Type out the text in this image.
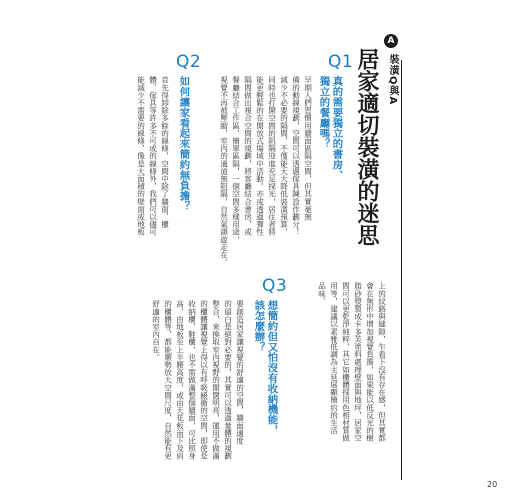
A
裝潢Q與A
居家適切裝潢的迷思
Q1
真的需要獨立的書房、
獨立的餐廳嗎？
早期人們習慣用牆面區隔空間，但其實毫無
備的動線規劃，空間可以透過傢具陳設作劃分！
減少不必要的隔間，不僅能大大降低裝潢預算，
同時也打開空間的阻隔迎進充足採光，居住者將
能更輕鬆的在開放式場域中活動。亦或透過彈性
隔間做出複合空間的規劃，將客廳結合書房，或
餐廳結合工作區，簡單區隔，一個空間多樣用途，
視覺不再被壓縮，室內的通道無阻隔，自然氣韻遊走在。
Q2
如何讓家看起來簡約無負擔？
首先得卸除多餘的線條，空間中除了牆面、櫃
體、傢具等許多不可或的線條外，我們可以儘可
能減少不需要的線條，像是大面積的壁面或地板
上的紋路與縫隙，乍看下沒有存在感，但其實都
會在無形中增加視覺負擔，如果能以低反光的樹
脂砂漿製成卡多芙塗料處理壁面與地坪，居家空
間可以更乾淨純粹，其它如櫃體採用色相材質做
用等，建議以素雅低調為主延展顯簡約的生活
品味。
Q3
想簡約但又怕沒有收納機能，
該怎麼辦？
要創造居家讓視覺的舒適的空間，牆面適度
的留白是絕對必要的，其實可以透過量體的規劃
整合，來換取室內視野的開闊明亮，運用不做滿
的櫃體讓視覺上得以有呼吸緩衝的空間，即使是
收納櫃、鞋櫃，也不需做滿整個牆面，可比照身
高，由地板至上半腰高度，或由天花板而下及肩
的櫃體等，都能順勢放大空間尺度，自然能有更
舒適的室內自在。
20
